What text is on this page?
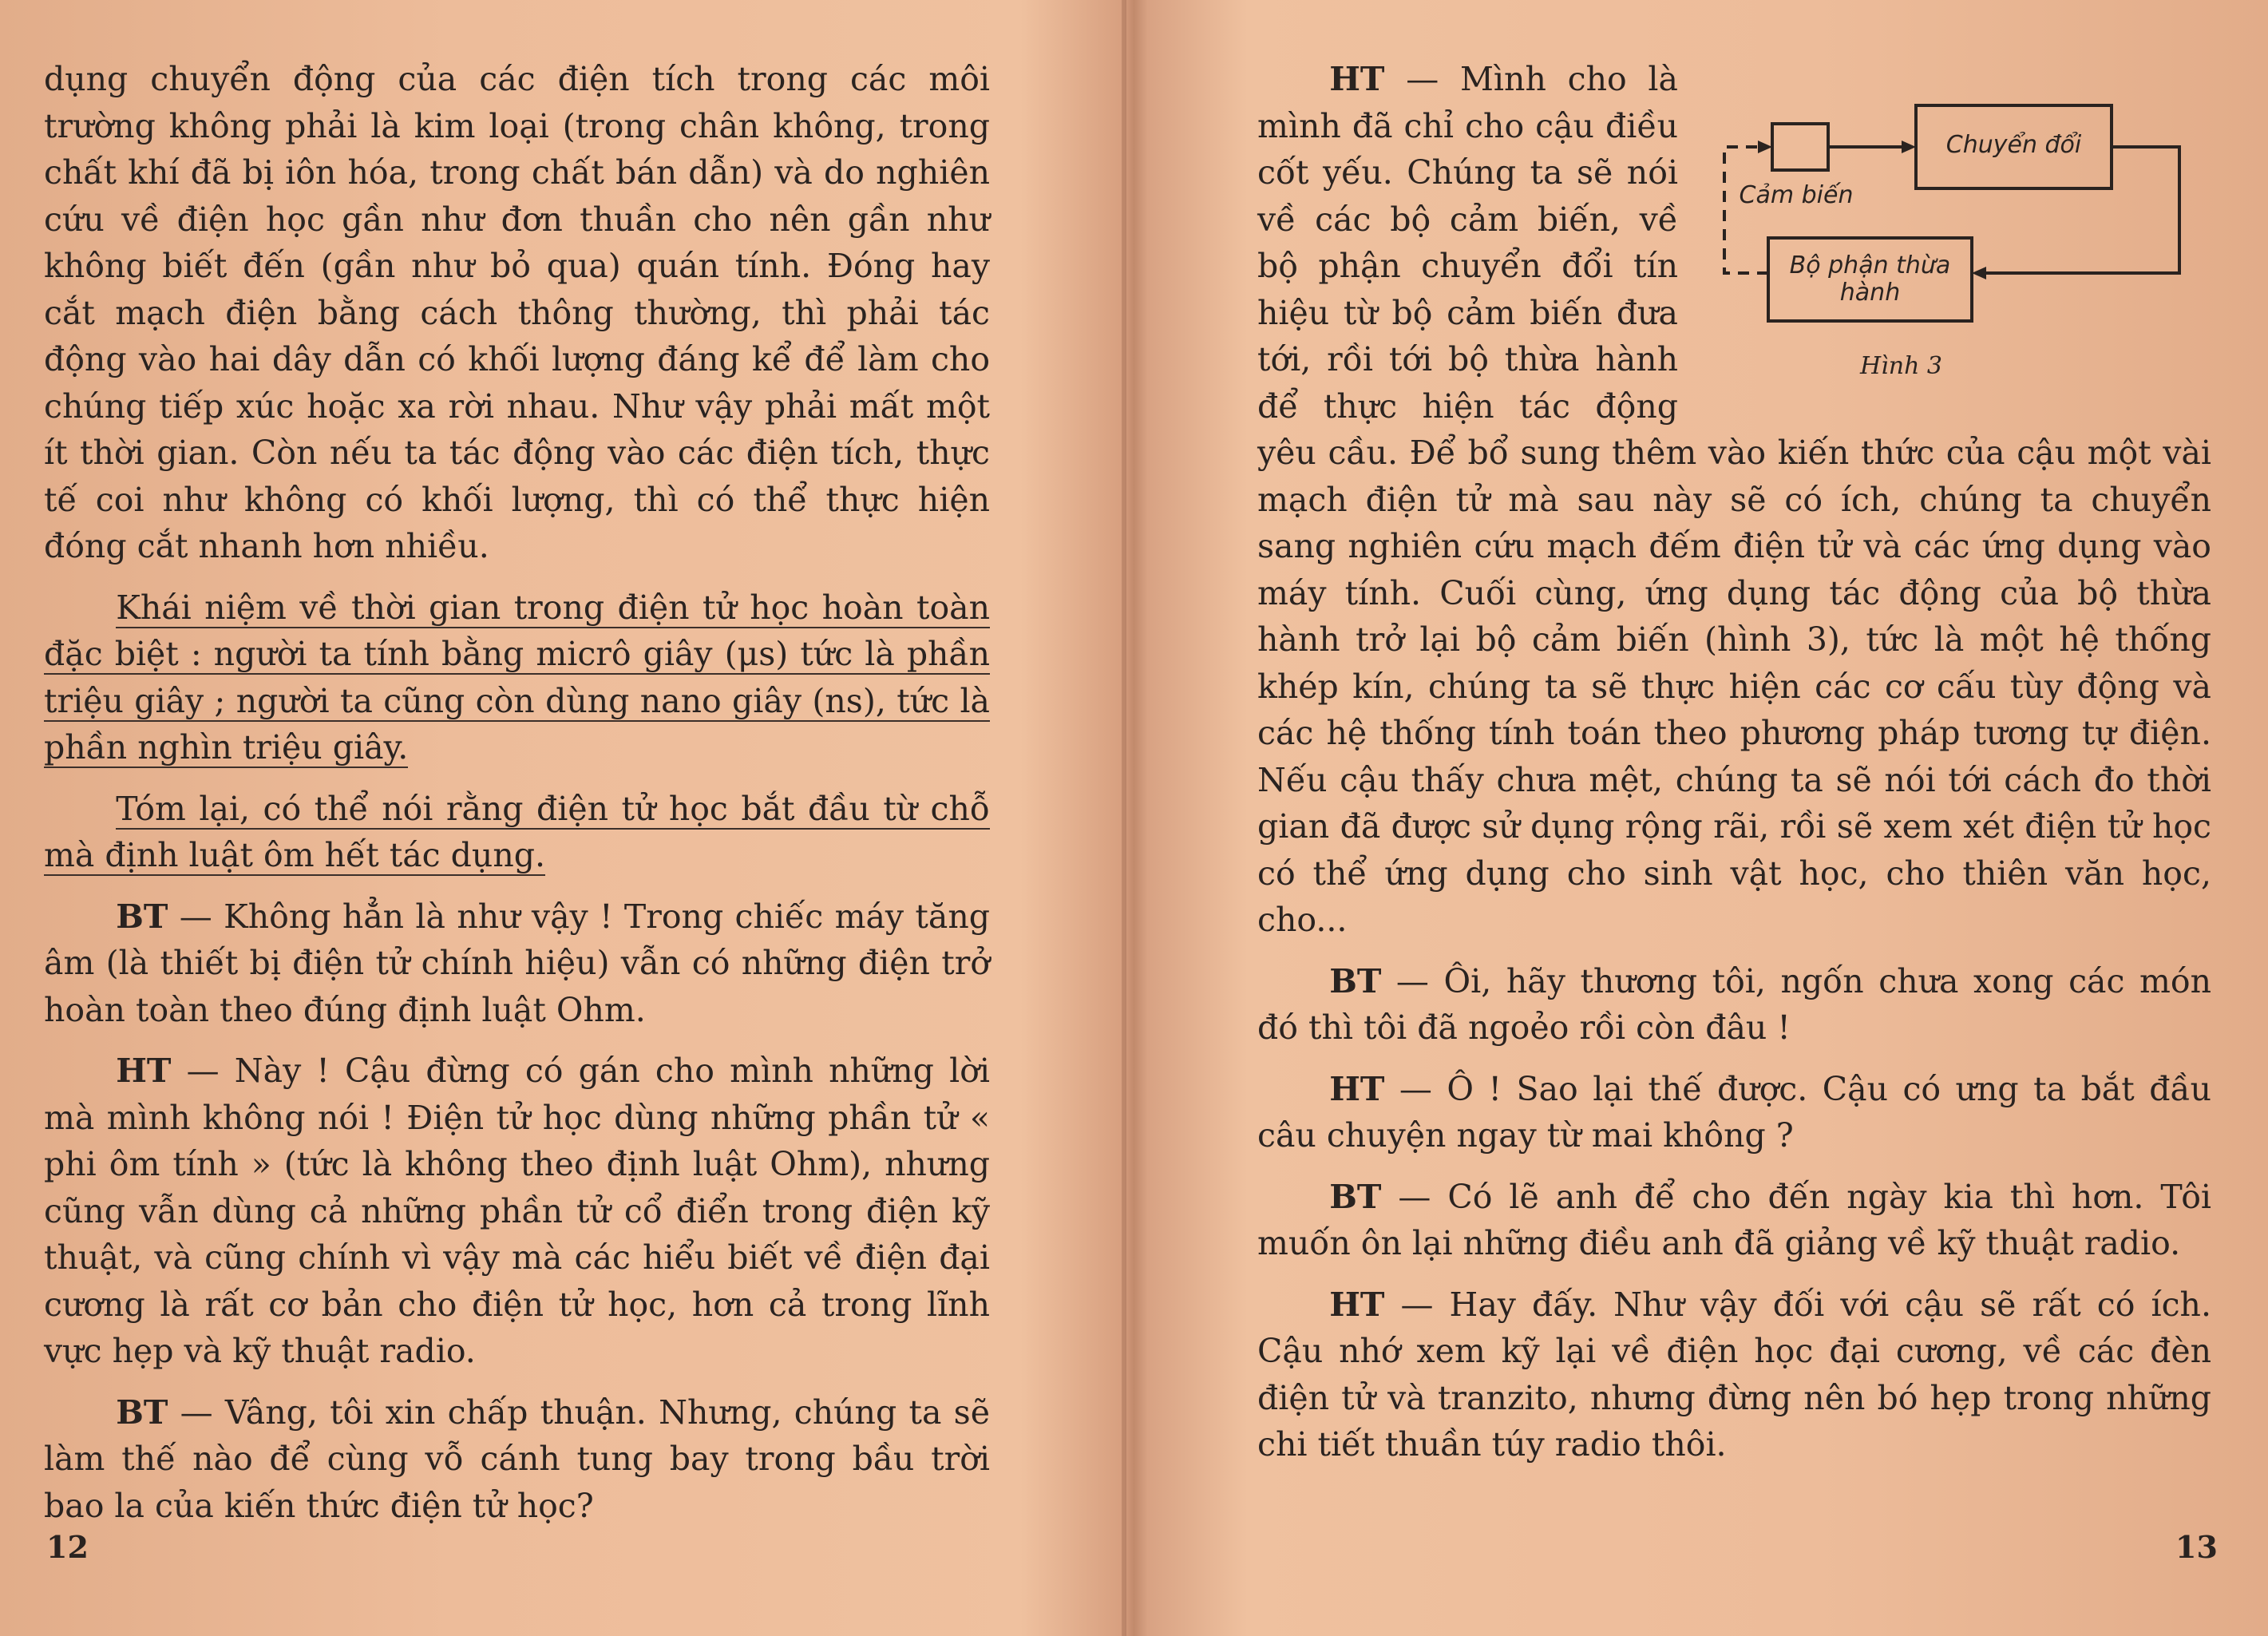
dụng chuyển động của các điện tích trong các môi trường không phải là kim loại (trong chân không, trong chất khí đã bị iôn hóa, trong chất bán dẫn) và do nghiên cứu về điện học gần như đơn thuần cho nên gần như không biết đến (gần như bỏ qua) quán tính. Đóng hay cắt mạch điện bằng cách thông thường, thì phải tác động vào hai dây dẫn có khối lượng đáng kể để làm cho chúng tiếp xúc hoặc xa rời nhau. Như vậy phải mất một ít thời gian. Còn nếu ta tác động vào các điện tích, thực tế coi như không có khối lượng, thì có thể thực hiện đóng cắt nhanh hơn nhiều.

Khái niệm về thời gian trong điện tử học hoàn toàn đặc biệt : người ta tính bằng micrô giây (μs) tức là phần triệu giây ; người ta cũng còn dùng nano giây (ns), tức là phần nghìn triệu giây.

Tóm lại, có thể nói rằng điện tử học bắt đầu từ chỗ mà định luật ôm hết tác dụng.

BT — Không hẳn là như vậy ! Trong chiếc máy tăng âm (là thiết bị điện tử chính hiệu) vẫn có những điện trở hoàn toàn theo đúng định luật Ohm.

HT — Này ! Cậu đừng có gán cho mình những lời mà mình không nói ! Điện tử học dùng những phần tử « phi ôm tính » (tức là không theo định luật Ohm), nhưng cũng vẫn dùng cả những phần tử cổ điển trong điện kỹ thuật, và cũng chính vì vậy mà các hiểu biết về điện đại cương là rất cơ bản cho điện tử học, hơn cả trong lĩnh vực hẹp và kỹ thuật radio.

BT — Vâng, tôi xin chấp thuận. Nhưng, chúng ta sẽ làm thế nào để cùng vỗ cánh tung bay trong bầu trời bao la của kiến thức điện tử học?

12
Chuyển đổi
Cảm biến
Bộ phận thừa hành
Hình 3

HT — Mình cho là mình đã chỉ cho cậu điều cốt yếu. Chúng ta sẽ nói về các bộ cảm biến, về bộ phận chuyển đổi tín hiệu từ bộ cảm biến đưa tới, rồi tới bộ thừa hành để thực hiện tác động yêu cầu. Để bổ sung thêm vào kiến thức của cậu một vài mạch điện tử mà sau này sẽ có ích, chúng ta chuyển sang nghiên cứu mạch đếm điện tử và các ứng dụng vào máy tính. Cuối cùng, ứng dụng tác động của bộ thừa hành trở lại bộ cảm biến (hình 3), tức là một hệ thống khép kín, chúng ta sẽ thực hiện các cơ cấu tùy động và các hệ thống tính toán theo phương pháp tương tự điện. Nếu cậu thấy chưa mệt, chúng ta sẽ nói tới cách đo thời gian đã được sử dụng rộng rãi, rồi sẽ xem xét điện tử học có thể ứng dụng cho sinh vật học, cho thiên văn học, cho...

BT — Ôi, hãy thương tôi, ngốn chưa xong các món đó thì tôi đã ngoẻo rồi còn đâu !

HT — Ô ! Sao lại thế được. Cậu có ưng ta bắt đầu câu chuyện ngay từ mai không ?

BT — Có lẽ anh để cho đến ngày kia thì hơn. Tôi muốn ôn lại những điều anh đã giảng về kỹ thuật radio.

HT — Hay đấy. Như vậy đối với cậu sẽ rất có ích. Cậu nhớ xem kỹ lại về điện học đại cương, về các đèn điện tử và tranzito, nhưng đừng nên bó hẹp trong những chi tiết thuần túy radio thôi.

13
